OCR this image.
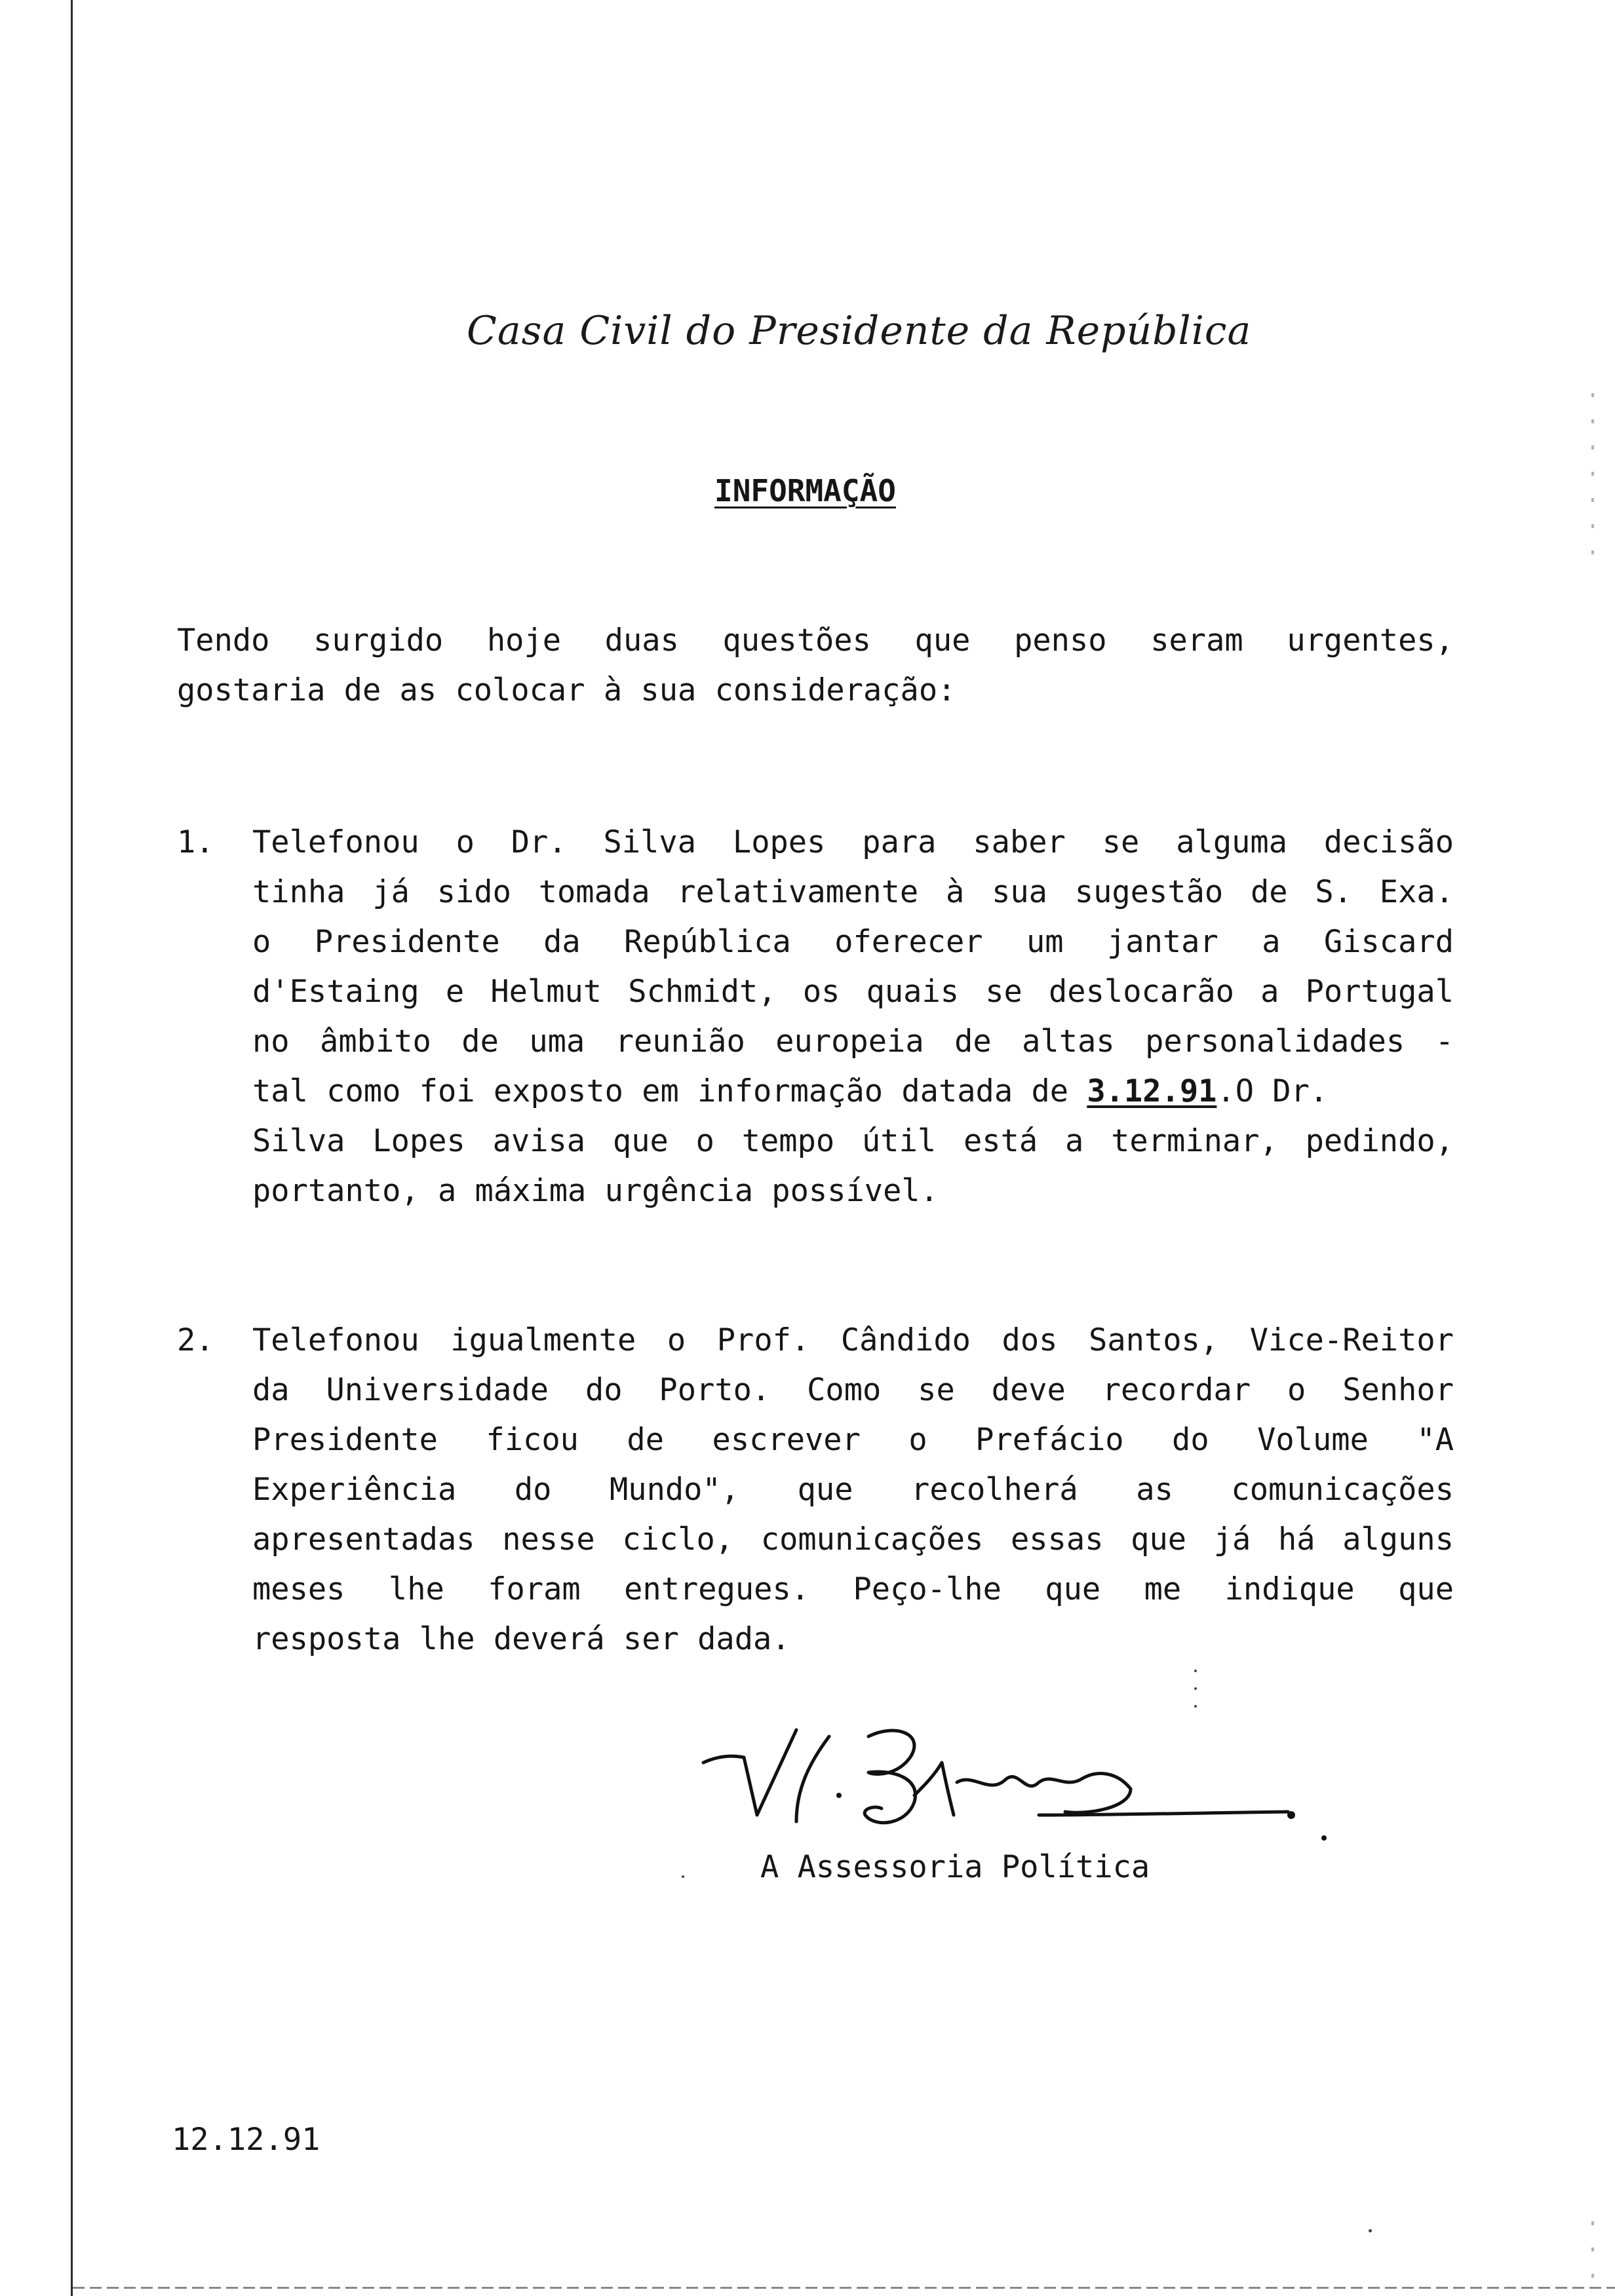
Casa Civil do Presidente da República
INFORMAÇÃO
Tendo surgido hoje duas questões que penso seram urgentes,
gostaria de as colocar à sua consideração:
1. Telefonou o Dr. Silva Lopes para saber se alguma decisão
tinha já sido tomada relativamente à sua sugestão de S. Exa.
o Presidente da República oferecer um jantar a Giscard
d'Estaing e Helmut Schmidt, os quais se deslocarão a Portugal
no âmbito de uma reunião europeia de altas personalidades -
tal como foi exposto em informação datada de 3.12.91.O Dr.
Silva Lopes avisa que o tempo útil está a terminar, pedindo,
portanto, a máxima urgência possível.
2. Telefonou igualmente o Prof. Cândido dos Santos, Vice-Reitor
da Universidade do Porto. Como se deve recordar o Senhor
Presidente ficou de escrever o Prefácio do Volume "A
Experiência do Mundo", que recolherá as comunicações
apresentadas nesse ciclo, comunicações essas que já há alguns
meses lhe foram entregues. Peço-lhe que me indique que
resposta lhe deverá ser dada.
A Assessoria Política
12.12.91
